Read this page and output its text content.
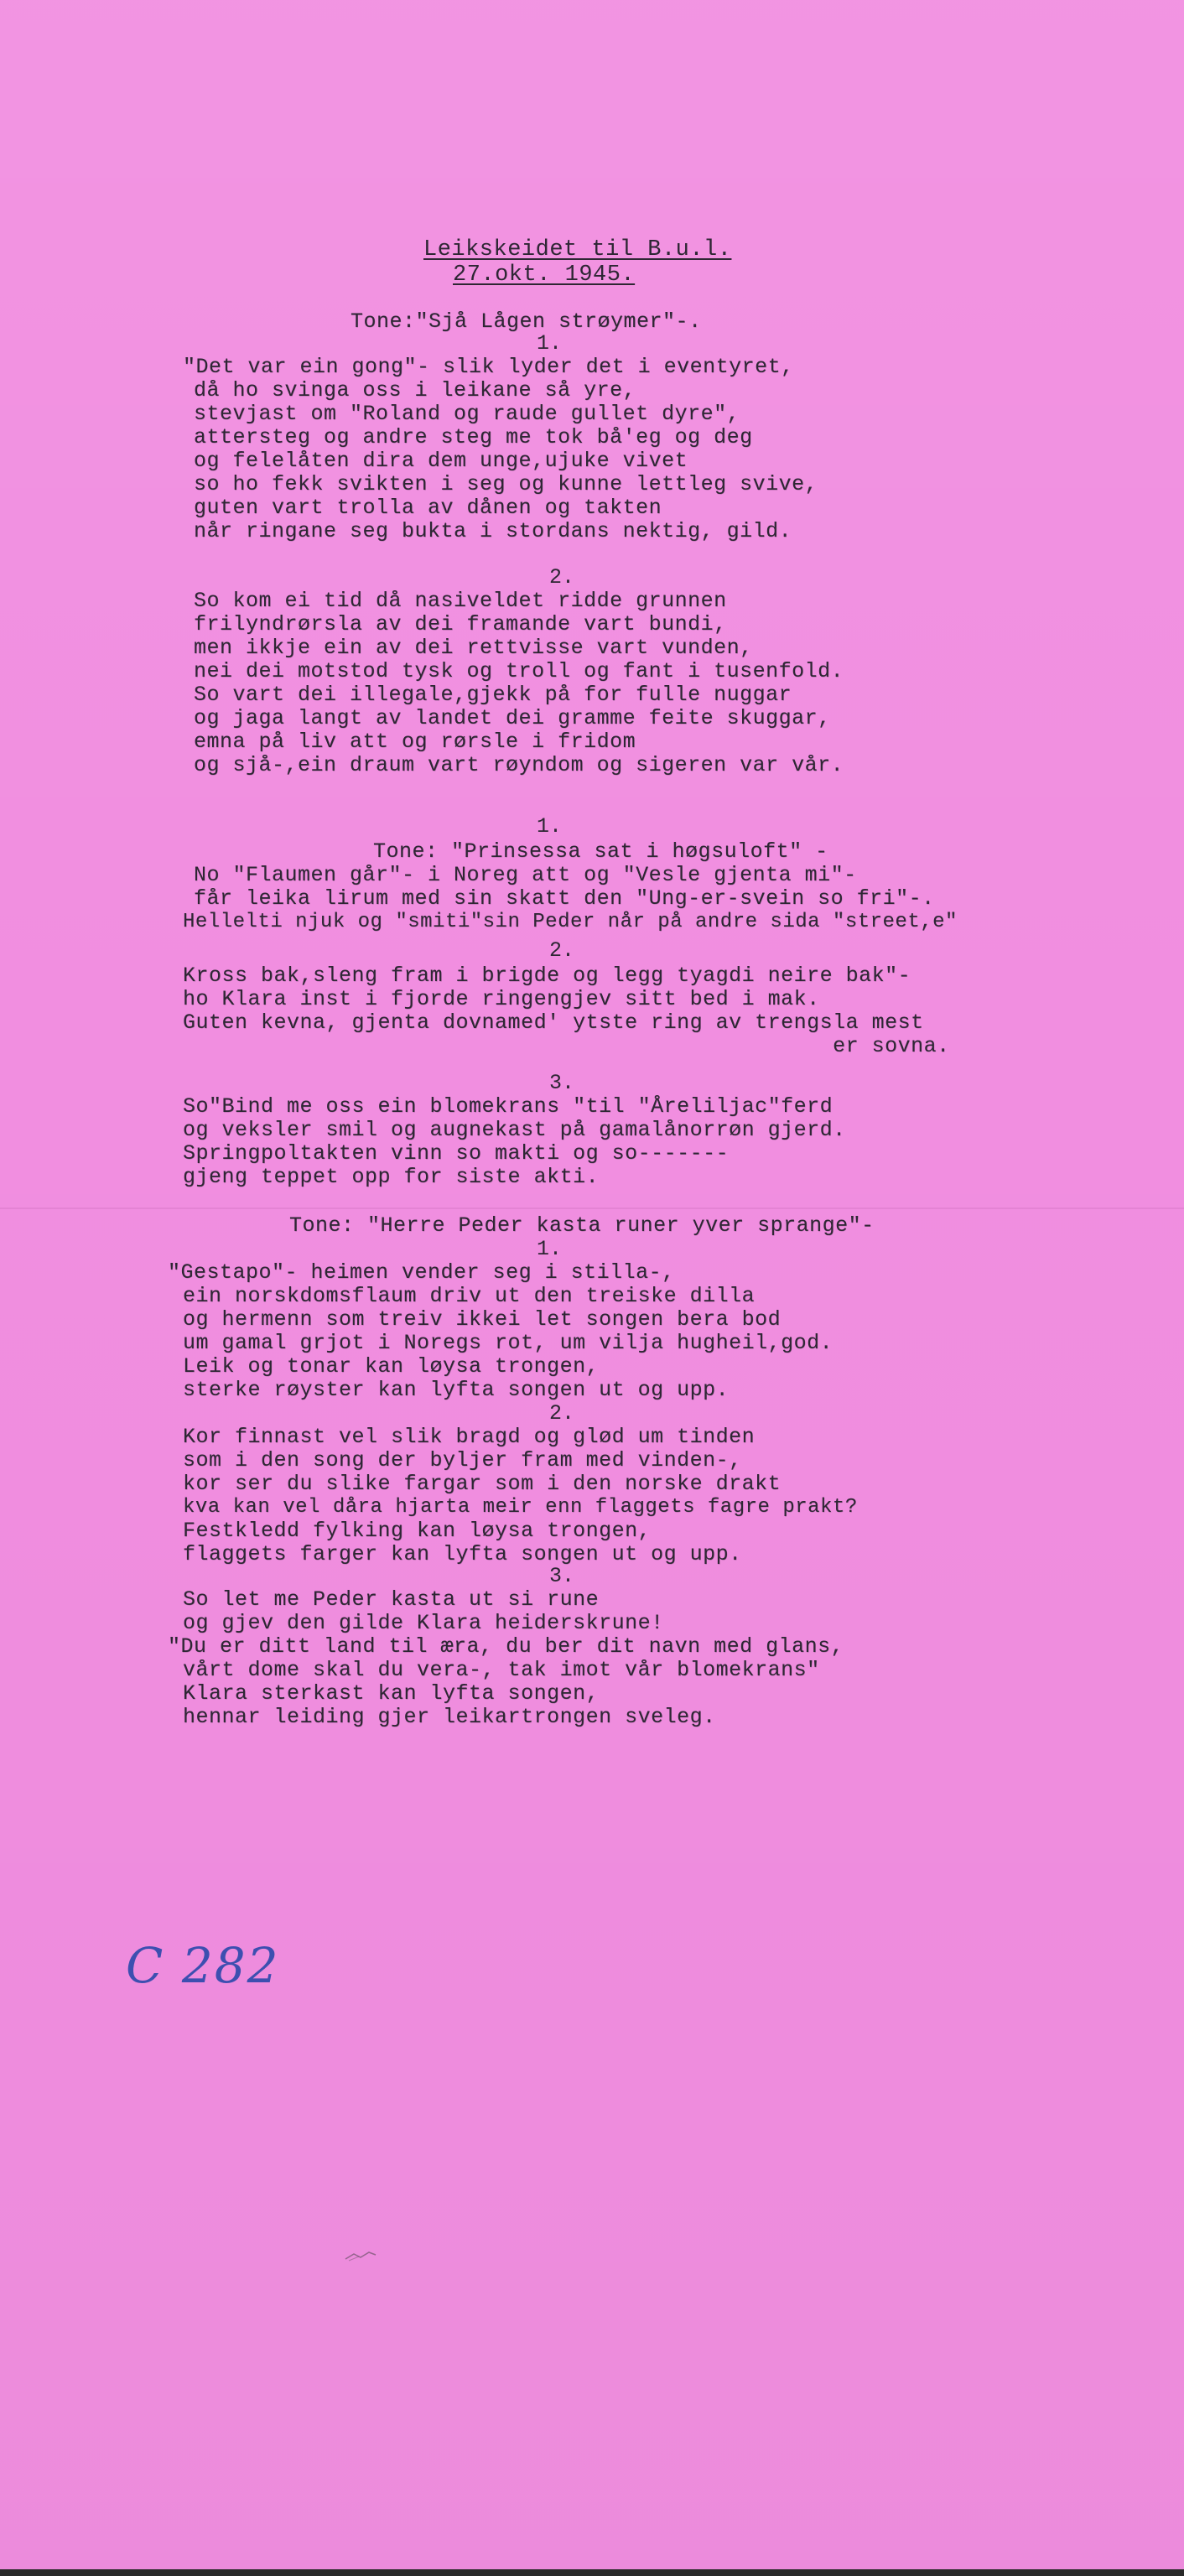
Leikskeidet til B.u.l.
27.okt. 1945.
Tone:"Sjå Lågen strøymer"-.
1.
"Det var ein gong"- slik lyder det i eventyret,
då ho svinga oss i leikane så yre,
stevjast om "Roland og raude gullet dyre",
attersteg og andre steg me tok bå'eg og deg
og felelåten dira dem unge,ujuke vivet
so ho fekk svikten i seg og kunne lettleg svive,
guten vart trolla av dånen og takten
når ringane seg bukta i stordans nektig, gild.
2.
So kom ei tid då nasiveldet ridde grunnen
frilyndrørsla av dei framande vart bundi,
men ikkje ein av dei rettvisse vart vunden,
nei dei motstod tysk og troll og fant i tusenfold.
So vart dei illegale,gjekk på for fulle nuggar
og jaga langt av landet dei gramme feite skuggar,
emna på liv att og rørsle i fridom
og sjå-,ein draum vart røyndom og sigeren var vår.
1.
Tone: "Prinsessa sat i høgsuloft" -
No "Flaumen går"- i Noreg att og "Vesle gjenta mi"-
får leika lirum med sin skatt den "Ung-er-svein so fri"-.
Hellelti njuk og "smiti"sin Peder når på andre sida "street,e"
Kross bak,sleng fram i brigde og legg tyagdi neire bak"-
ho Klara inst i fjorde ringengjev sitt bed i mak.
Guten kevna, gjenta dovnamed' ytste ring av trengsla mest
er sovna.
2.
3.
So"Bind me oss ein blomekrans "til "Åreliljac"ferd
og veksler smil og augnekast på gamalånorrøn gjerd.
Springpoltakten vinn so makti og so-------
gjeng teppet opp for siste akti.
Tone: "Herre Peder kasta runer yver sprange"-
1.
"Gestapo"- heimen vender seg i stilla-,
ein norskdomsflaum driv ut den treiske dilla
og hermenn som treiv ikkei let songen bera bod
um gamal grjot i Noregs rot, um vilja hugheil,god.
Leik og tonar kan løysa trongen,
sterke røyster kan lyfta songen ut og upp.
2.
Kor finnast vel slik bragd og glød um tinden
som i den song der byljer fram med vinden-,
kor ser du slike fargar som i den norske drakt
kva kan vel dåra hjarta meir enn flaggets fagre prakt?
Festkledd fylking kan løysa trongen,
flaggets farger kan lyfta songen ut og upp.
3.
So let me Peder kasta ut si rune
og gjev den gilde Klara heiderskrune!
"Du er ditt land til æra, du ber dit navn med glans,
vårt dome skal du vera-, tak imot vår blomekrans"
Klara sterkast kan lyfta songen,
hennar leiding gjer leikartrongen sveleg.
C 282
